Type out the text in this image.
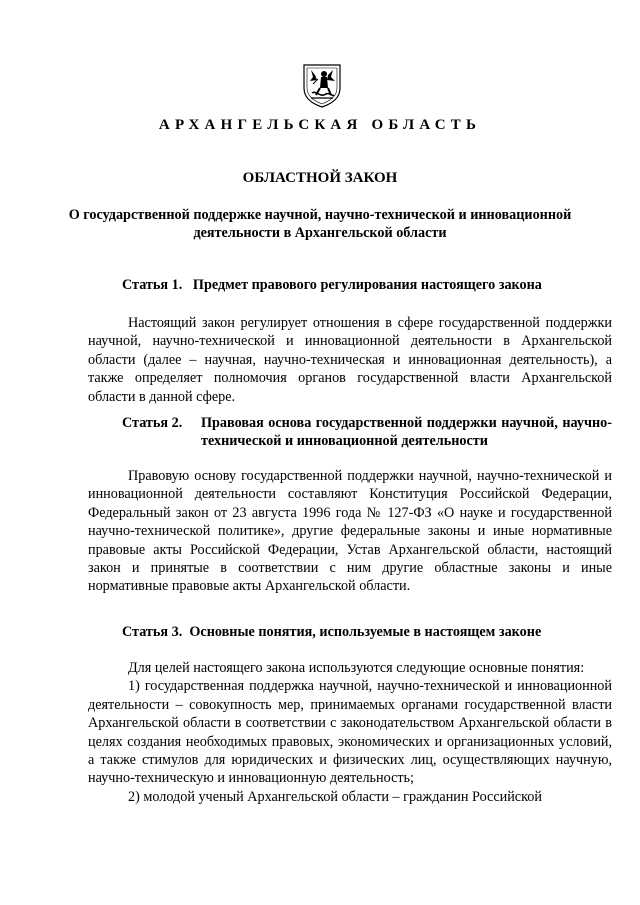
АРХАНГЕЛЬСКАЯ ОБЛАСТЬ
ОБЛАСТНОЙ ЗАКОН
О государственной поддержке научной, научно-технической и инновационной деятельности в Архангельской области
Статья 1. Предмет правового регулирования настоящего закона

Настоящий закон регулирует отношения в сфере государственной поддержки научной, научно-технической и инновационной деятельности в Архангельской области (далее – научная, научно-техническая и инновационная деятельность), а также определяет полномочия органов государственной власти Архангельской области в данной сфере.

Статья 2.	Правовая основа государственной поддержки научной, научно-технической и инновационной деятельности

Правовую основу государственной поддержки научной, научно-технической и инновационной деятельности составляют Конституция Российской Федерации, Федеральный закон от 23 августа 1996 года № 127-ФЗ «О науке и государственной научно-технической политике», другие федеральные законы и иные нормативные правовые акты Российской Федерации, Устав Архангельской области, настоящий закон и принятые в соответствии с ним другие областные законы и иные нормативные правовые акты Архангельской области.

Статья 3. Основные понятия, используемые в настоящем законе

Для целей настоящего закона используются следующие основные понятия:

1) государственная поддержка научной, научно-технической и инновационной деятельности – совокупность мер, принимаемых органами государственной власти Архангельской области в соответствии с законодательством Архангельской области в целях создания необходимых правовых, экономических и организационных условий, а также стимулов для юридических и физических лиц, осуществляющих научную, научно-техническую и инновационную деятельность;

2) молодой ученый Архангельской области – гражданин Российской
